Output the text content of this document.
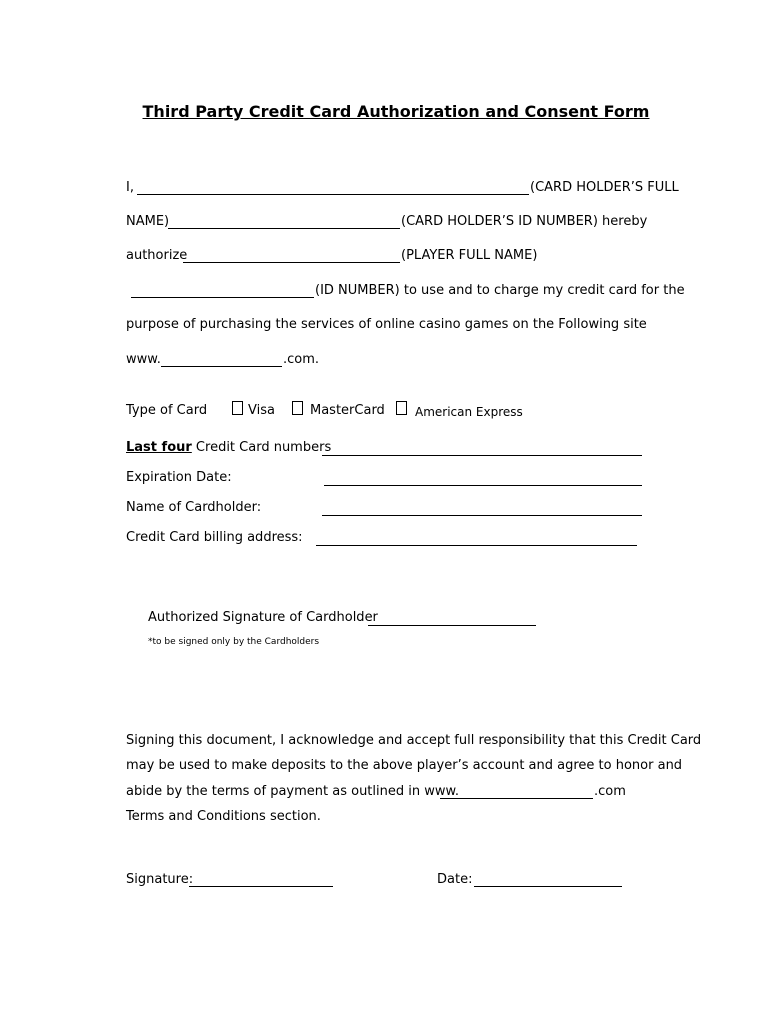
Third Party Credit Card Authorization and Consent Form
I,	(CARD HOLDER’S FULL
NAME)	(CARD HOLDER’S ID NUMBER) hereby
authorize	(PLAYER FULL NAME)
(ID NUMBER) to use and to charge my credit card for the
purpose of purchasing the services of online casino games on the Following site
www.	.com.
Type of Card	Visa	MasterCard	American Express
Last four Credit Card numbers
Expiration Date:
Name of Cardholder:
Credit Card billing address:
Authorized Signature of Cardholder
*to be signed only by the Cardholders
Signing this document, I acknowledge and accept full responsibility that this Credit Card
may be used to make deposits to the above player’s account and agree to honor and
abide by the terms of payment as outlined in www.	.com
Terms and Conditions section.
Signature:	Date:
